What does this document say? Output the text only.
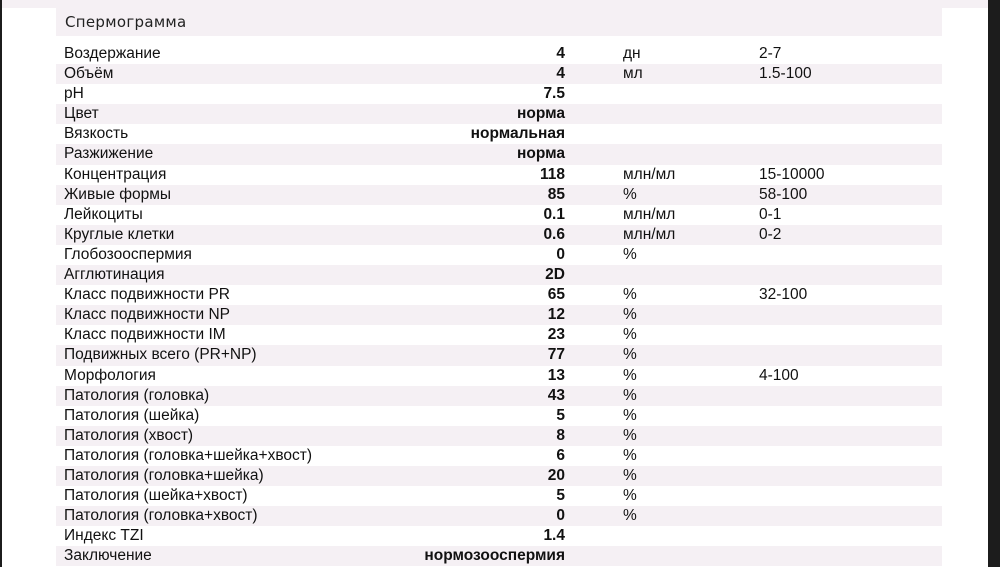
Спермограмма
Воздержание	4	дн	2-7
Объём	4	мл	1.5-100
pH	7.5
Цвет	норма
Вязкость	нормальная
Разжижение	норма
Концентрация	118	млн/мл	15-10000
Живые формы	85	%	58-100
Лейкоциты	0.1	млн/мл	0-1
Круглые клетки	0.6	млн/мл	0-2
Глобозооспермия	0	%
Агглютинация	2D
Класс подвижности PR	65	%	32-100
Класс подвижности NP	12	%
Класс подвижности IM	23	%
Подвижных всего (PR+NP)	77	%
Морфология	13	%	4-100
Патология (головка)	43	%
Патология (шейка)	5	%
Патология (хвост)	8	%
Патология (головка+шейка+хвост)	6	%
Патология (головка+шейка)	20	%
Патология (шейка+хвост)	5	%
Патология (головка+хвост)	0	%
Индекс TZI	1.4
Заключение	нормозооспермия
